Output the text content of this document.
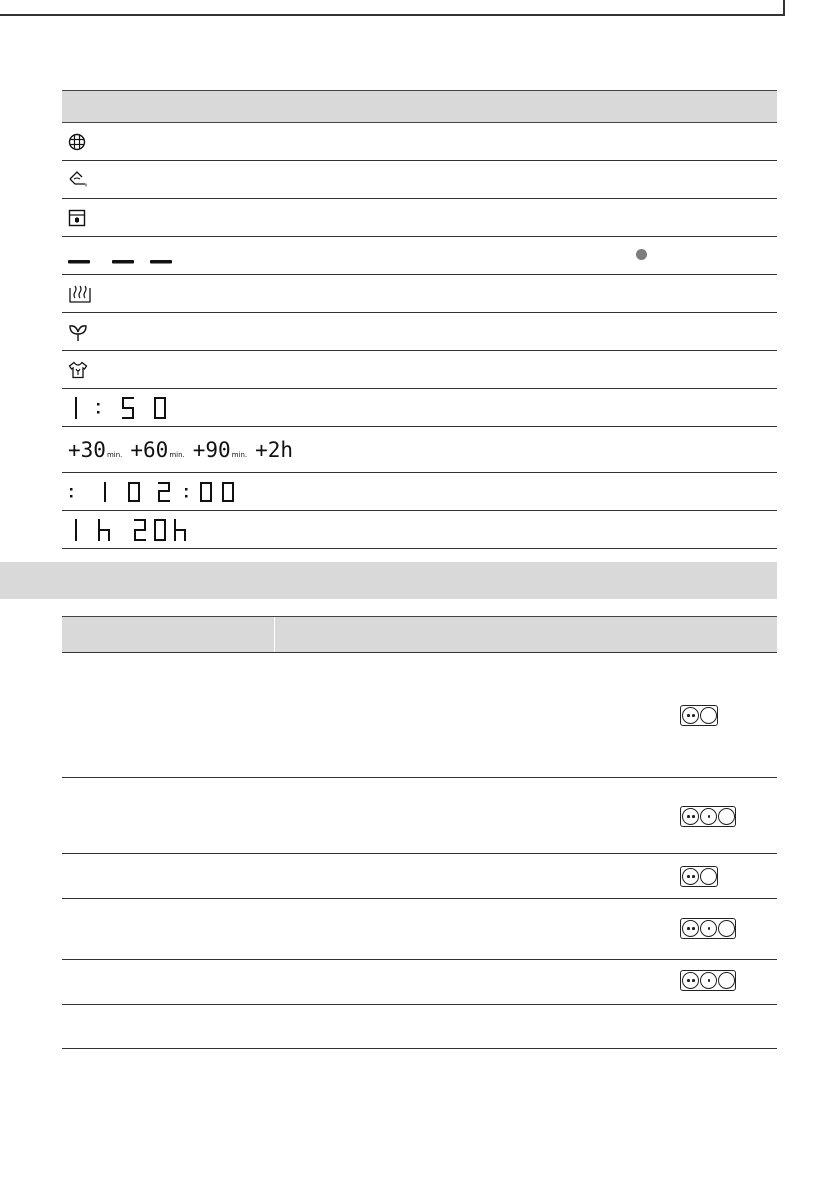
+30min. +60min. +90min. +2h
